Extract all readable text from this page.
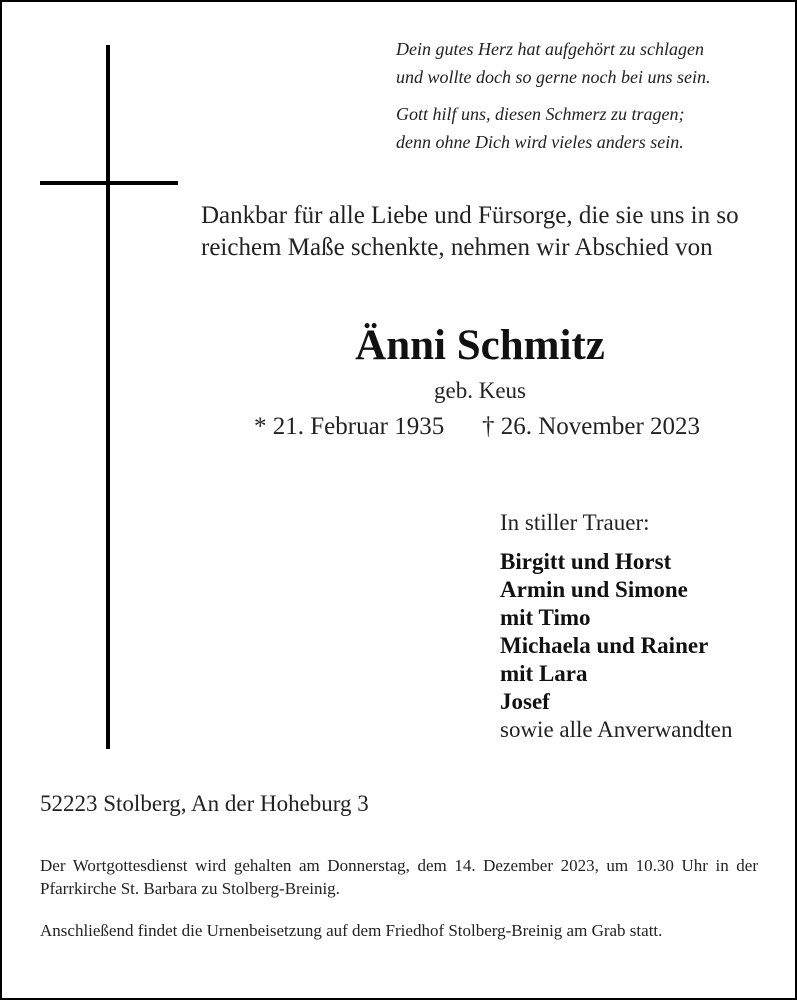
Dein gutes Herz hat aufgehört zu schlagen
und wollte doch so gerne noch bei uns sein.
Gott hilf uns, diesen Schmerz zu tragen;
denn ohne Dich wird vieles anders sein.
Dankbar für alle Liebe und Fürsorge, die sie uns in so
reichem Maße schenkte, nehmen wir Abschied von
Änni Schmitz
geb. Keus
* 21. Februar 1935 † 26. November 2023
In stiller Trauer:
Birgitt und Horst
Armin und Simone
mit Timo
Michaela und Rainer
mit Lara
Josef
sowie alle Anverwandten
52223 Stolberg, An der Hoheburg 3
Der Wortgottesdienst wird gehalten am Donnerstag, dem 14. Dezember 2023, um 10.30 Uhr in der Pfarrkirche St. Barbara zu Stolberg-Breinig.
Anschließend findet die Urnenbeisetzung auf dem Friedhof Stolberg-Breinig am Grab statt.
